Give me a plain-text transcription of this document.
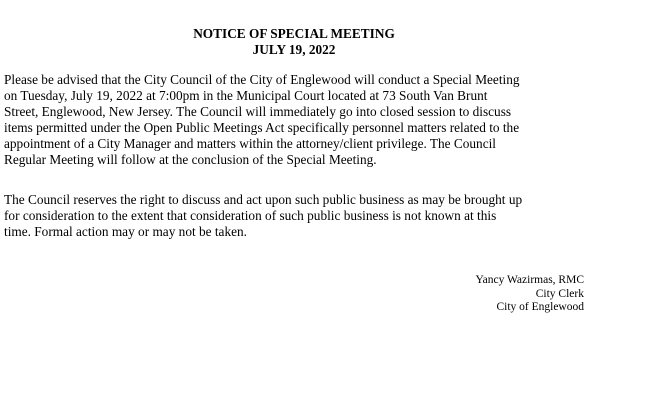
NOTICE OF SPECIAL MEETING
JULY 19, 2022

Please be advised that the City Council of the City of Englewood will conduct a Special Meeting
on Tuesday, July 19, 2022 at 7:00pm in the Municipal Court located at 73 South Van Brunt
Street, Englewood, New Jersey. The Council will immediately go into closed session to discuss
items permitted under the Open Public Meetings Act specifically personnel matters related to the
appointment of a City Manager and matters within the attorney/client privilege. The Council
Regular Meeting will follow at the conclusion of the Special Meeting.

The Council reserves the right to discuss and act upon such public business as may be brought up
for consideration to the extent that consideration of such public business is not known at this
time. Formal action may or may not be taken.

Yancy Wazirmas, RMC
City Clerk
City of Englewood
